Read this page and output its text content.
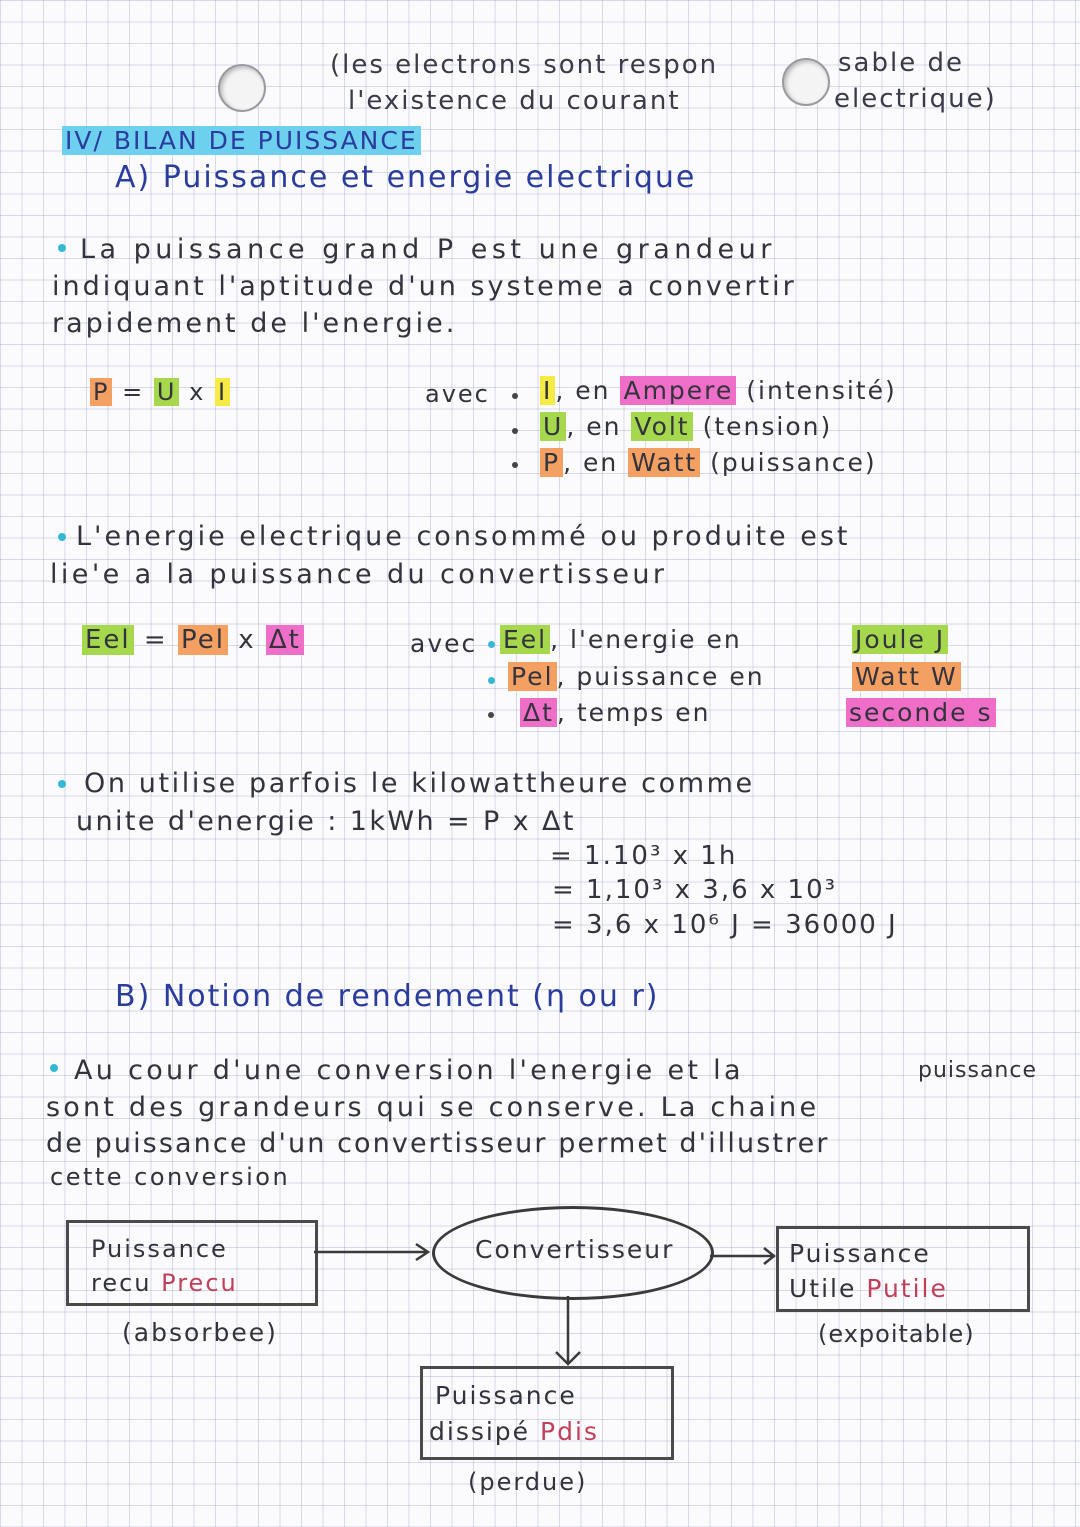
(les electrons sont respon	sable de
l'existence du courant	electrique)
IV/ BILAN DE PUISSANCE
A) Puissance et energie electrique
La puissance grand P est une grandeur
indiquant l'aptitude d'un systeme a convertir
rapidement de l'energie.
P = U x I	avec I , en Ampere (intensité)
U , en Volt (tension)
P , en Watt (puissance)
L'energie electrique consommé ou produite est
lie'e a la puissance du convertisseur
Eel = Pel x Δt	avec Eel , l'energie en	Joule J
Pel , puissance en	Watt W
Δt , temps en	seconde s
On utilise parfois le kilowattheure comme
unite d'energie : 1kWh = P x Δt
= 1.10³ x 1h
= 1,10³ x 3,6 x 10³
= 3,6 x 10⁶ J = 36000 J
B) Notion de rendement (η ou r)
Au cour d'une conversion l'energie et la	puissance
sont des grandeurs qui se conserve. La chaine
de puissance d'un convertisseur permet d'illustrer
cette conversion
Puissance
recu Precu
(absorbee)
Convertisseur	Puissance
Utile Putile
(expoitable)
Puissance
dissipé Pdis
(perdue)
